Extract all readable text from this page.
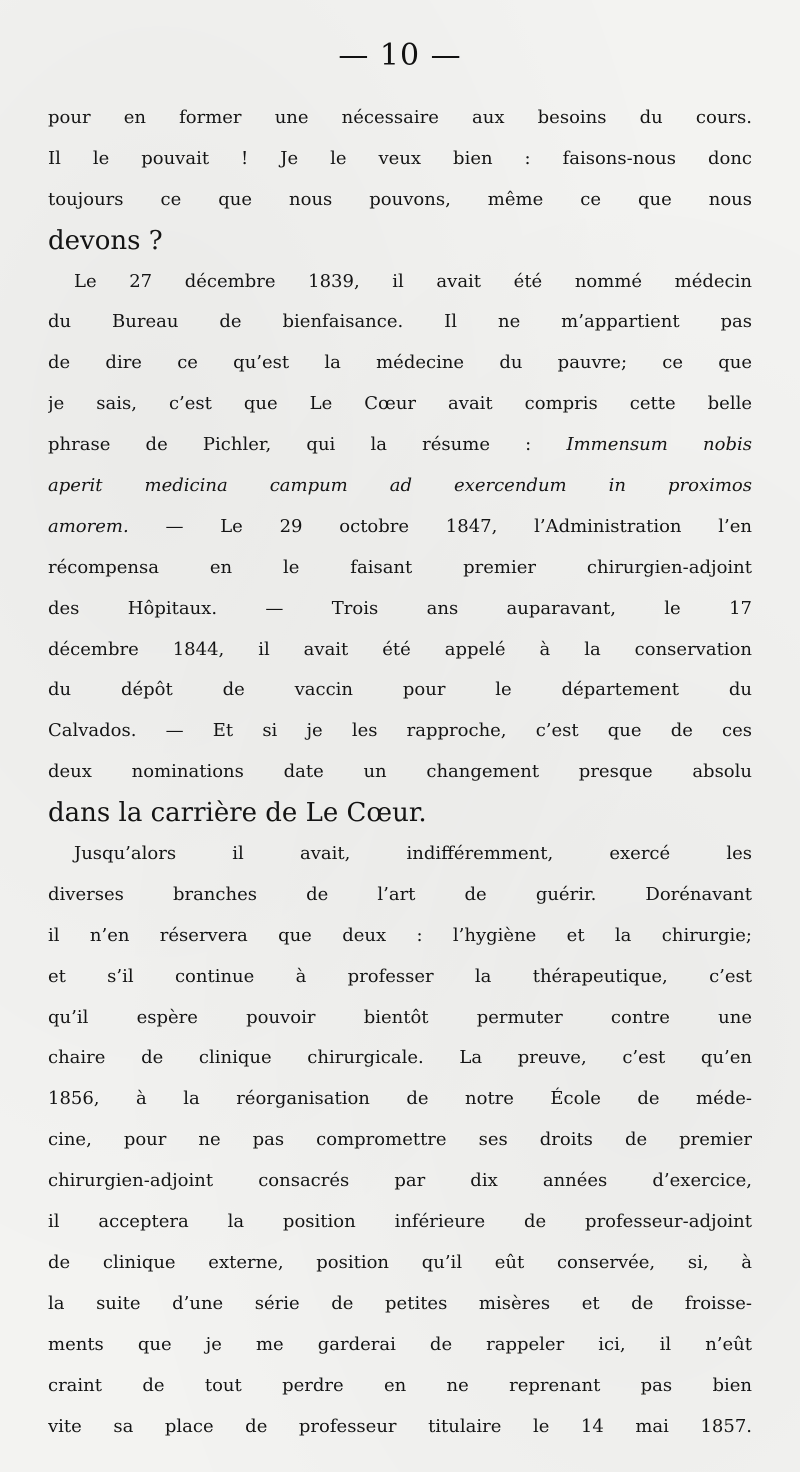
— 10 —
pour en former une nécessaire aux besoins du cours.
Il le pouvait ! Je le veux bien : faisons-nous donc
toujours ce que nous pouvons, même ce que nous
devons ?
Le 27 décembre 1839, il avait été nommé médecin
du Bureau de bienfaisance. Il ne m’appartient pas
de dire ce qu’est la médecine du pauvre; ce que
je sais, c’est que Le Cœur avait compris cette belle
phrase de Pichler, qui la résume : Immensum nobis
aperit medicina campum ad exercendum in proximos
amorem. — Le 29 octobre 1847, l’Administration l’en
récompensa en le faisant premier chirurgien-adjoint
des Hôpitaux. — Trois ans auparavant, le 17
décembre 1844, il avait été appelé à la conservation
du dépôt de vaccin pour le département du
Calvados. — Et si je les rapproche, c’est que de ces
deux nominations date un changement presque absolu
dans la carrière de Le Cœur.
Jusqu’alors il avait, indifféremment, exercé les
diverses branches de l’art de guérir. Dorénavant
il n’en réservera que deux : l’hygiène et la chirurgie;
et s’il continue à professer la thérapeutique, c’est
qu’il espère pouvoir bientôt permuter contre une
chaire de clinique chirurgicale. La preuve, c’est qu’en
1856, à la réorganisation de notre École de méde-
cine, pour ne pas compromettre ses droits de premier
chirurgien-adjoint consacrés par dix années d’exercice,
il acceptera la position inférieure de professeur-adjoint
de clinique externe, position qu’il eût conservée, si, à
la suite d’une série de petites misères et de froisse-
ments que je me garderai de rappeler ici, il n’eût
craint de tout perdre en ne reprenant pas bien
vite sa place de professeur titulaire le 14 mai 1857.
